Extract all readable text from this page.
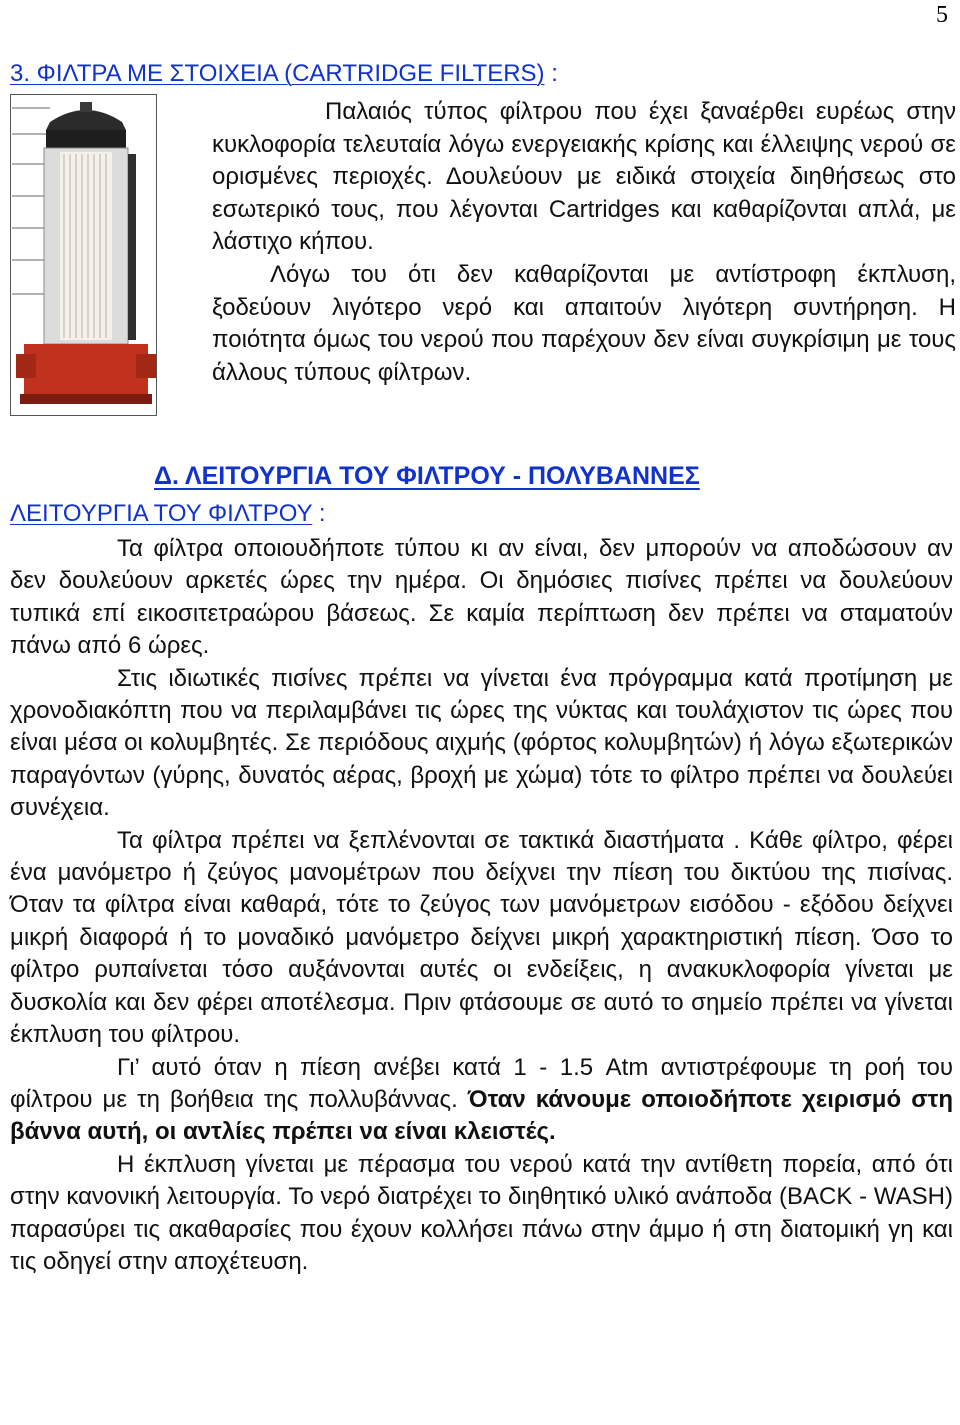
5
3. ΦΙΛΤΡΑ ΜΕ ΣΤΟΙΧΕΙΑ (CARTRIDGE FILTERS) :

Παλαιός τύπος φίλτρου που έχει ξαναέρθει ευρέως στην κυκλοφορία τελευταία λόγω ενεργειακής κρίσης και έλλειψης νερού σε ορισμένες περιοχές. Δουλεύουν με ειδικά στοιχεία διηθήσεως στο εσωτερικό τους, που λέγονται Cartridges και καθαρίζονται απλά, με λάστιχο κήπου.

Λόγω του ότι δεν καθαρίζονται με αντίστροφη έκπλυση, ξοδεύουν λιγότερο νερό και απαιτούν λιγότερη συντήρηση. Η ποιότητα όμως του νερού που παρέχουν δεν είναι συγκρίσιμη με τους άλλους τύπους φίλτρων.

Δ. ΛΕΙΤΟΥΡΓΙΑ ΤΟΥ ΦΙΛΤΡΟΥ - ΠΟΛΥΒΑΝΝΕΣ
ΛΕΙΤΟΥΡΓΙΑ ΤΟΥ ΦΙΛΤΡΟΥ :

Τα φίλτρα οποιουδήποτε τύπου κι αν είναι, δεν μπορούν να αποδώσουν αν δεν δουλεύουν αρκετές ώρες την ημέρα. Οι δημόσιες πισίνες πρέπει να δουλεύουν τυπικά επί εικοσιτετραώρου βάσεως. Σε καμία περίπτωση δεν πρέπει να σταματούν πάνω από 6 ώρες.

Στις ιδιωτικές πισίνες πρέπει να γίνεται ένα πρόγραμμα κατά προτίμηση με χρονοδιακόπτη που να περιλαμβάνει τις ώρες της νύκτας και τουλάχιστον τις ώρες που είναι μέσα οι κολυμβητές. Σε περιόδους αιχμής (φόρτος κολυμβητών) ή λόγω εξωτερικών παραγόντων (γύρης, δυνατός αέρας, βροχή με χώμα) τότε το φίλτρο πρέπει να δουλεύει συνέχεια.

Τα φίλτρα πρέπει να ξεπλένονται σε τακτικά διαστήματα . Κάθε φίλτρο, φέρει ένα μανόμετρο ή ζεύγος μανομέτρων που δείχνει την πίεση του δικτύου της πισίνας. Όταν τα φίλτρα είναι καθαρά, τότε το ζεύγος των μανόμετρων εισόδου - εξόδου δείχνει μικρή διαφορά ή το μοναδικό μανόμετρο δείχνει μικρή χαρακτηριστική πίεση. Όσο το φίλτρο ρυπαίνεται τόσο αυξάνονται αυτές οι ενδείξεις, η ανακυκλοφορία γίνεται με δυσκολία και δεν φέρει αποτέλεσμα. Πριν φτάσουμε σε αυτό το σημείο πρέπει να γίνεται έκπλυση του φίλτρου.

Γι’ αυτό όταν η πίεση ανέβει κατά 1 - 1.5 Atm αντιστρέφουμε τη ροή του φίλτρου με τη βοήθεια της πολλυβάννας. Όταν κάνουμε οποιοδήποτε χειρισμό στη βάννα αυτή, οι αντλίες πρέπει να είναι κλειστές.

Η έκπλυση γίνεται με πέρασμα του νερού κατά την αντίθετη πορεία, από ότι στην κανονική λειτουργία. Το νερό διατρέχει το διηθητικό υλικό ανάποδα (BACK - WASH) παρασύρει τις ακαθαρσίες που έχουν κολλήσει πάνω στην άμμο ή στη διατομική γη και τις οδηγεί στην αποχέτευση.
